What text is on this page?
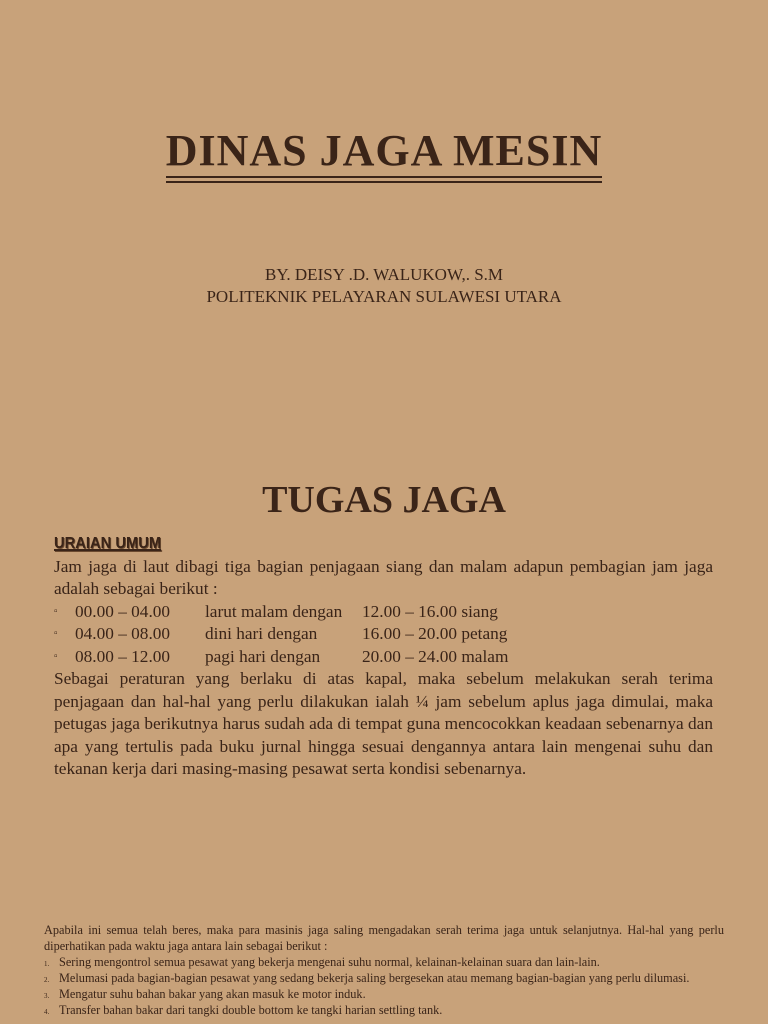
DINAS JAGA MESIN
BY. DEISY .D. WALUKOW,. S.M
POLITEKNIK PELAYARAN SULAWESI UTARA
TUGAS JAGA
URAIAN UMUM
Jam jaga di laut dibagi tiga bagian penjagaan siang dan malam adapun pembagian jam jaga adalah sebagai berikut :
▫ 00.00 – 04.00 larut malam dengan 12.00 – 16.00 siang
▫ 04.00 – 08.00 dini hari dengan	16.00 – 20.00 petang
▫ 08.00 – 12.00 pagi hari dengan 20.00 – 24.00 malam
Sebagai peraturan yang berlaku di atas kapal, maka sebelum melakukan serah terima penjagaan dan hal-hal yang perlu dilakukan ialah ¼ jam sebelum aplus jaga dimulai, maka petugas jaga berikutnya harus sudah ada di tempat guna mencocokkan keadaan sebenarnya dan apa yang tertulis pada buku jurnal hingga sesuai dengannya antara lain mengenai suhu dan tekanan kerja dari masing-masing pesawat serta kondisi sebenarnya.
Apabila ini semua telah beres, maka para masinis jaga saling mengadakan serah terima jaga untuk selanjutnya. Hal-hal yang perlu diperhatikan pada waktu jaga antara lain sebagai berikut :
1. Sering mengontrol semua pesawat yang bekerja mengenai suhu normal, kelainan-kelainan suara dan lain-lain.
2. Melumasi pada bagian-bagian pesawat yang sedang bekerja saling bergesekan atau memang bagian-bagian yang perlu dilumasi.
3. Mengatur suhu bahan bakar yang akan masuk ke motor induk.
4. Transfer bahan bakar dari tangki double bottom ke tangki harian settling tank.
